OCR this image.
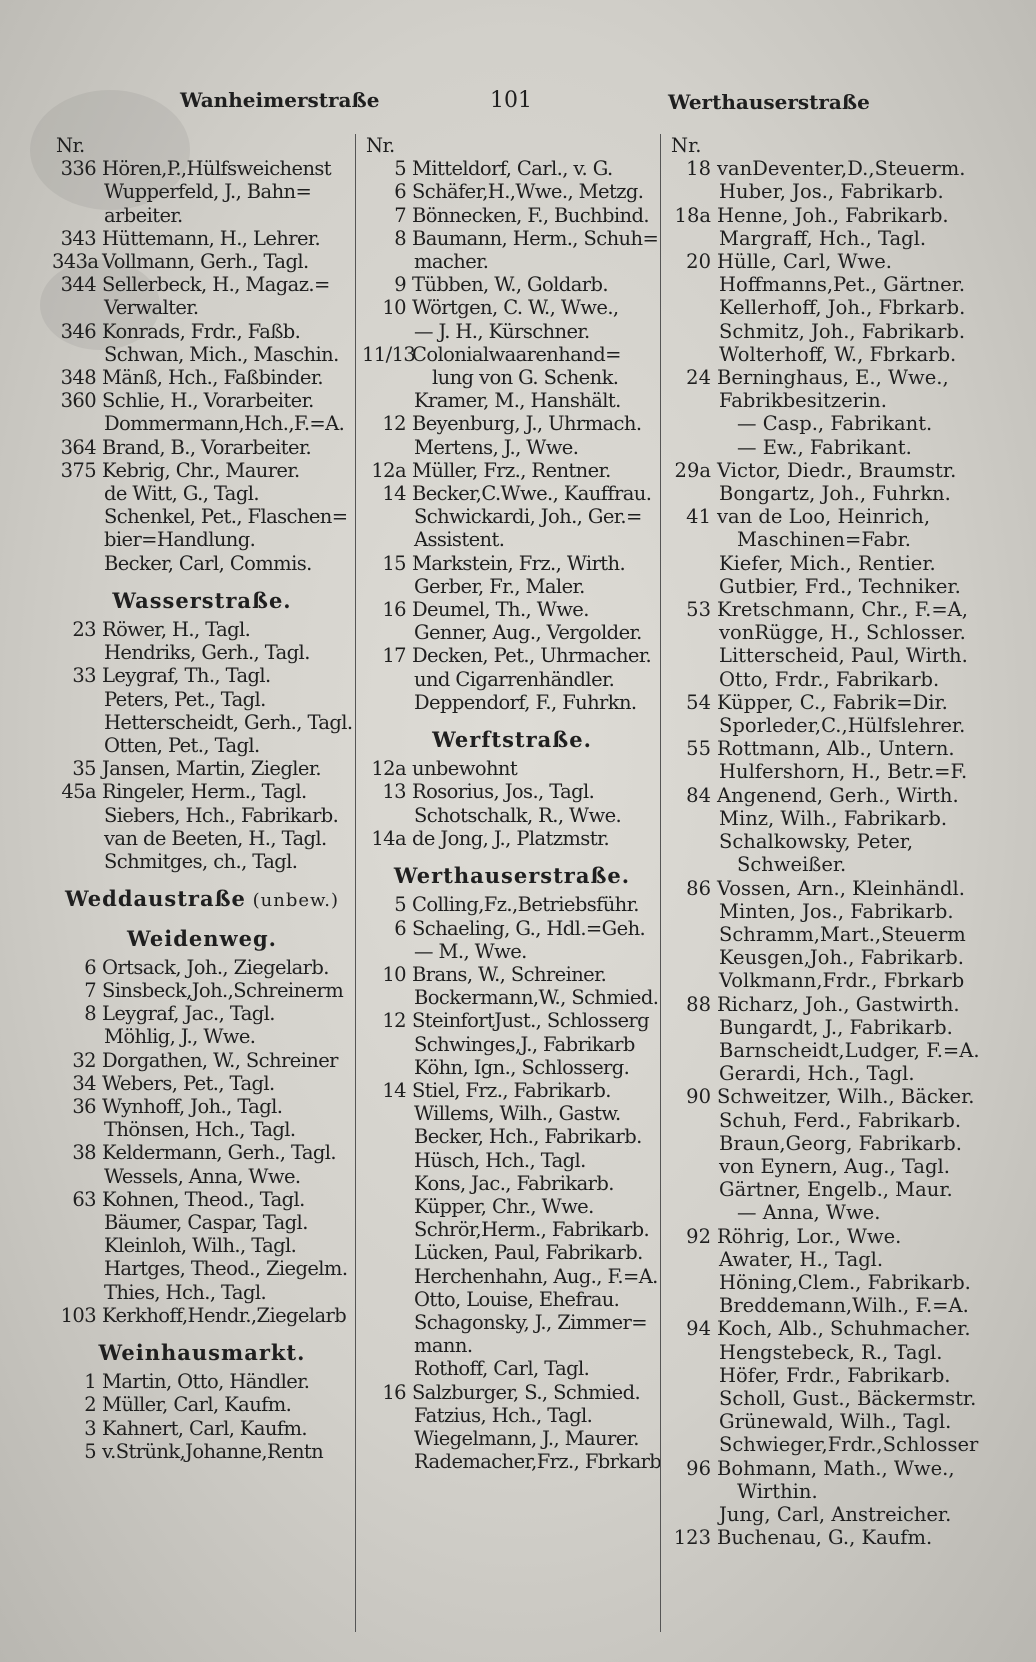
Wanheimerstraße	101	Werthauserstraße
Nr.
336 Hören,P.,Hülfsweichenst
Wupperfeld, J., Bahn=
arbeiter.
343 Hüttemann, H., Lehrer.
343a Vollmann, Gerh., Tagl.
344 Sellerbeck, H., Magaz.=
Verwalter.
346 Konrads, Frdr., Faßb.
Schwan, Mich., Maschin.
348 Mänß, Hch., Faßbinder.
360 Schlie, H., Vorarbeiter.
Dommermann,Hch.,F.=A.
364 Brand, B., Vorarbeiter.
375 Kebrig, Chr., Maurer.
de Witt, G., Tagl.
Schenkel, Pet., Flaschen=
bier=Handlung.
Becker, Carl, Commis.
Wasserstraße.
23 Röwer, H., Tagl.
Hendriks, Gerh., Tagl.
33 Leygraf, Th., Tagl.
Peters, Pet., Tagl.
Hetterscheidt, Gerh., Tagl.
Otten, Pet., Tagl.
35 Jansen, Martin, Ziegler.
45a Ringeler, Herm., Tagl.
Siebers, Hch., Fabrikarb.
van de Beeten, H., Tagl.
Schmitges, ch., Tagl.
Weddaustraße (unbew.)
Weidenweg.
6 Ortsack, Joh., Ziegelarb.
7 Sinsbeck,Joh.,Schreinerm
8 Leygraf, Jac., Tagl.
Möhlig, J., Wwe.
32 Dorgathen, W., Schreiner
34 Webers, Pet., Tagl.
36 Wynhoff, Joh., Tagl.
Thönsen, Hch., Tagl.
38 Keldermann, Gerh., Tagl.
Wessels, Anna, Wwe.
63 Kohnen, Theod., Tagl.
Bäumer, Caspar, Tagl.
Kleinloh, Wilh., Tagl.
Hartges, Theod., Ziegelm.
Thies, Hch., Tagl.
103 Kerkhoff,Hendr.,Ziegelarb
Weinhausmarkt.
1 Martin, Otto, Händler.
2 Müller, Carl, Kaufm.
3 Kahnert, Carl, Kaufm.
5 v.Strünk,Johanne,Rentn
Nr.
5 Mitteldorf, Carl., v. G.
6 Schäfer,H.,Wwe., Metzg.
7 Bönnecken, F., Buchbind.
8 Baumann, Herm., Schuh=
macher.
9 Tübben, W., Goldarb.
10 Wörtgen, C. W., Wwe.,
— J. H., Kürschner.
11/13Colonialwaarenhand=
lung von G. Schenk.
Kramer, M., Hanshält.
12 Beyenburg, J., Uhrmach.
Mertens, J., Wwe.
12a Müller, Frz., Rentner.
14 Becker,C.Wwe., Kauffrau.
Schwickardi, Joh., Ger.=
Assistent.
15 Markstein, Frz., Wirth.
Gerber, Fr., Maler.
16 Deumel, Th., Wwe.
Genner, Aug., Vergolder.
17 Decken, Pet., Uhrmacher.
und Cigarrenhändler.
Deppendorf, F., Fuhrkn.
Werftstraße.
12a unbewohnt
13 Rosorius, Jos., Tagl.
Schotschalk, R., Wwe.
14a de Jong, J., Platzmstr.
Werthauserstraße.
5 Colling,Fz.,Betriebsführ.
6 Schaeling, G., Hdl.=Geh.
— M., Wwe.
10 Brans, W., Schreiner.
Bockermann,W., Schmied.
12 SteinfortJust., Schlosserg
Schwinges,J., Fabrikarb
Köhn, Ign., Schlosserg.
14 Stiel, Frz., Fabrikarb.
Willems, Wilh., Gastw.
Becker, Hch., Fabrikarb.
Hüsch, Hch., Tagl.
Kons, Jac., Fabrikarb.
Küpper, Chr., Wwe.
Schrör,Herm., Fabrikarb.
Lücken, Paul, Fabrikarb.
Herchenhahn, Aug., F.=A.
Otto, Louise, Ehefrau.
Schagonsky, J., Zimmer=
mann.
Rothoff, Carl, Tagl.
16 Salzburger, S., Schmied.
Fatzius, Hch., Tagl.
Wiegelmann, J., Maurer.
Rademacher,Frz., Fbrkarb
Nr.
18 vanDeventer,D.,Steuerm.
Huber, Jos., Fabrikarb.
18a Henne, Joh., Fabrikarb.
Margraff, Hch., Tagl.
20 Hülle, Carl, Wwe.
Hoffmanns,Pet., Gärtner.
Kellerhoff, Joh., Fbrkarb.
Schmitz, Joh., Fabrikarb.
Wolterhoff, W., Fbrkarb.
24 Berninghaus, E., Wwe.,
Fabrikbesitzerin.
— Casp., Fabrikant.
— Ew., Fabrikant.
29a Victor, Diedr., Braumstr.
Bongartz, Joh., Fuhrkn.
41 van de Loo, Heinrich,
Maschinen=Fabr.
Kiefer, Mich., Rentier.
Gutbier, Frd., Techniker.
53 Kretschmann, Chr., F.=A,
vonRügge, H., Schlosser.
Litterscheid, Paul, Wirth.
Otto, Frdr., Fabrikarb.
54 Küpper, C., Fabrik=Dir.
Sporleder,C.,Hülfslehrer.
55 Rottmann, Alb., Untern.
Hulfershorn, H., Betr.=F.
84 Angenend, Gerh., Wirth.
Minz, Wilh., Fabrikarb.
Schalkowsky, Peter,
Schweißer.
86 Vossen, Arn., Kleinhändl.
Minten, Jos., Fabrikarb.
Schramm,Mart.,Steuerm
Keusgen,Joh., Fabrikarb.
Volkmann,Frdr., Fbrkarb
88 Richarz, Joh., Gastwirth.
Bungardt, J., Fabrikarb.
Barnscheidt,Ludger, F.=A.
Gerardi, Hch., Tagl.
90 Schweitzer, Wilh., Bäcker.
Schuh, Ferd., Fabrikarb.
Braun,Georg, Fabrikarb.
von Eynern, Aug., Tagl.
Gärtner, Engelb., Maur.
— Anna, Wwe.
92 Röhrig, Lor., Wwe.
Awater, H., Tagl.
Höning,Clem., Fabrikarb.
Breddemann,Wilh., F.=A.
94 Koch, Alb., Schuhmacher.
Hengstebeck, R., Tagl.
Höfer, Frdr., Fabrikarb.
Scholl, Gust., Bäckermstr.
Grünewald, Wilh., Tagl.
Schwieger,Frdr.,Schlosser
96 Bohmann, Math., Wwe.,
Wirthin.
Jung, Carl, Anstreicher.
123 Buchenau, G., Kaufm.
